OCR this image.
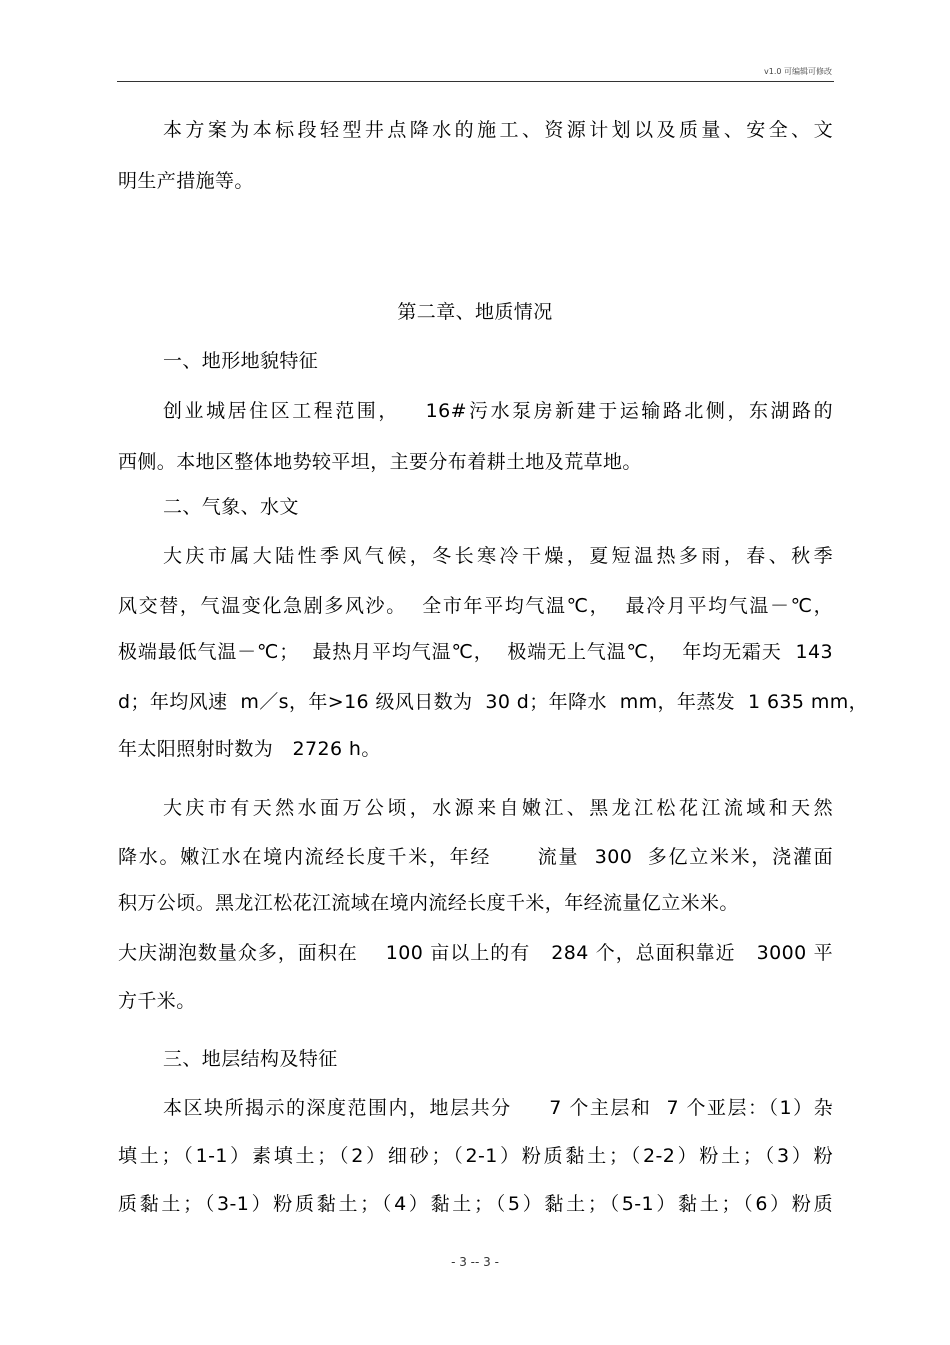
v1.0 可编辑可修改
本方案为本标段轻型井点降水的施工、资源计划以及质量、安全、文
明生产措施等。
第二章、地质情况
一、地形地貌特征
创业城居住区工程范围，   16#污水泵房新建于运输路北侧，东湖路的
西侧。本地区整体地势较平坦，主要分布着耕土地及荒草地。
二、气象、水文
大庆市属大陆性季风气候，冬长寒冷干燥，夏短温热多雨，春、秋季
风交替，气温变化急剧多风沙。  全市年平均气温℃，  最冷月平均气温－℃，
极端最低气温－℃；  最热月平均气温℃，  极端无上气温℃，  年均无霜天  143
d；年均风速  m／s，年>16 级风日数为  30 d；年降水  mm，年蒸发  1 635 mm，
年太阳照射时数为   2726 h。
大庆市有天然水面万公顷，水源来自嫩江、黑龙江松花江流域和天然
降水。嫩江水在境内流经长度千米，年经      流量  300  多亿立米米，浇灌面
积万公顷。黑龙江松花江流域在境内流经长度千米，年经流量亿立米米。
大庆湖泡数量众多，面积在    100 亩以上的有   284 个，总面积靠近   3000 平
方千米。
三、地层结构及特征
本区块所揭示的深度范围内，地层共分     7 个主层和  7 个亚层：（1）杂
填土；（1-1）素填土；（2）细砂；（2-1）粉质黏土；（2-2）粉土；（3）粉
质黏土；（3-1）粉质黏土；（4）黏土；（5）黏土；（5-1）黏土；（6）粉质
- 3 -- 3 -
